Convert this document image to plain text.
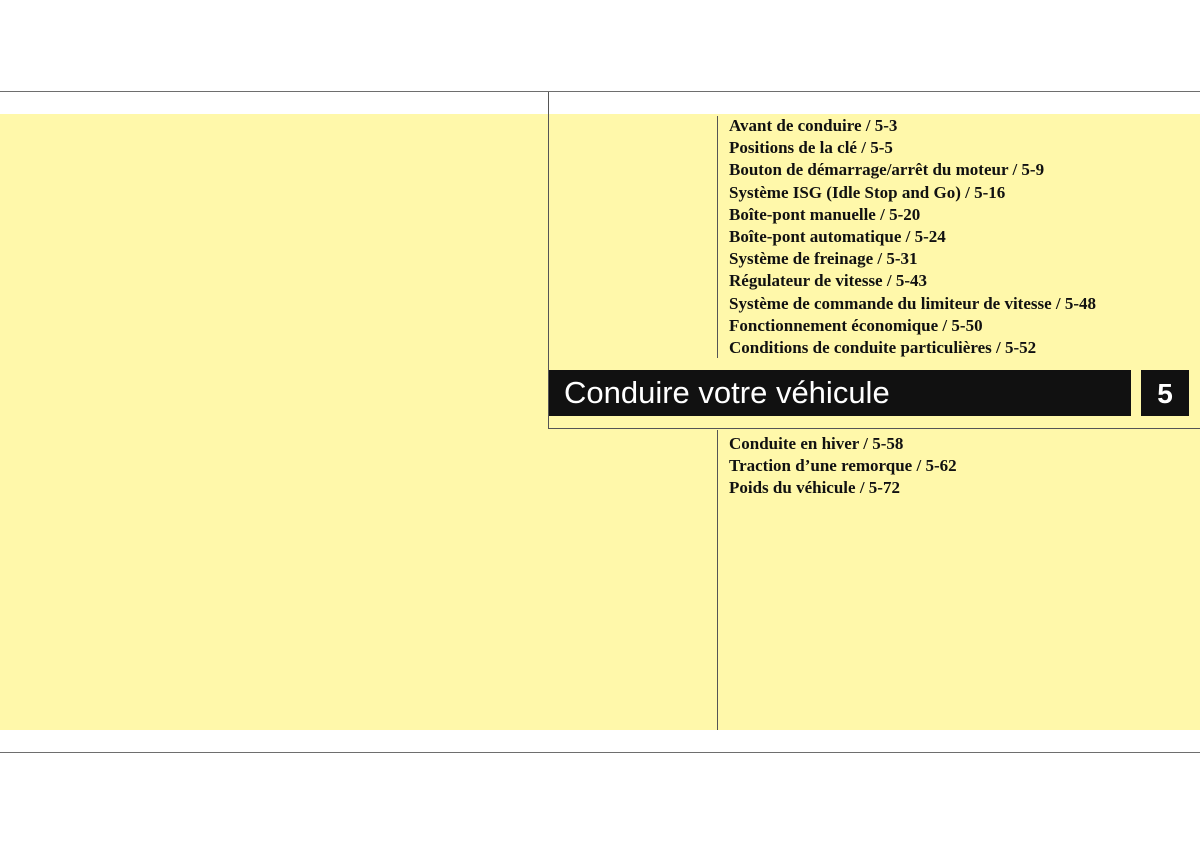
Avant de conduire / 5-3
Positions de la clé / 5-5
Bouton de démarrage/arrêt du moteur / 5-9
Système ISG (Idle Stop and Go) / 5-16
Boîte-pont manuelle / 5-20
Boîte-pont automatique / 5-24
Système de freinage / 5-31
Régulateur de vitesse / 5-43
Système de commande du limiteur de vitesse / 5-48
Fonctionnement économique / 5-50
Conditions de conduite particulières / 5-52
Conduire votre véhicule	5
Conduite en hiver / 5-58
Traction d’une remorque / 5-62
Poids du véhicule / 5-72
